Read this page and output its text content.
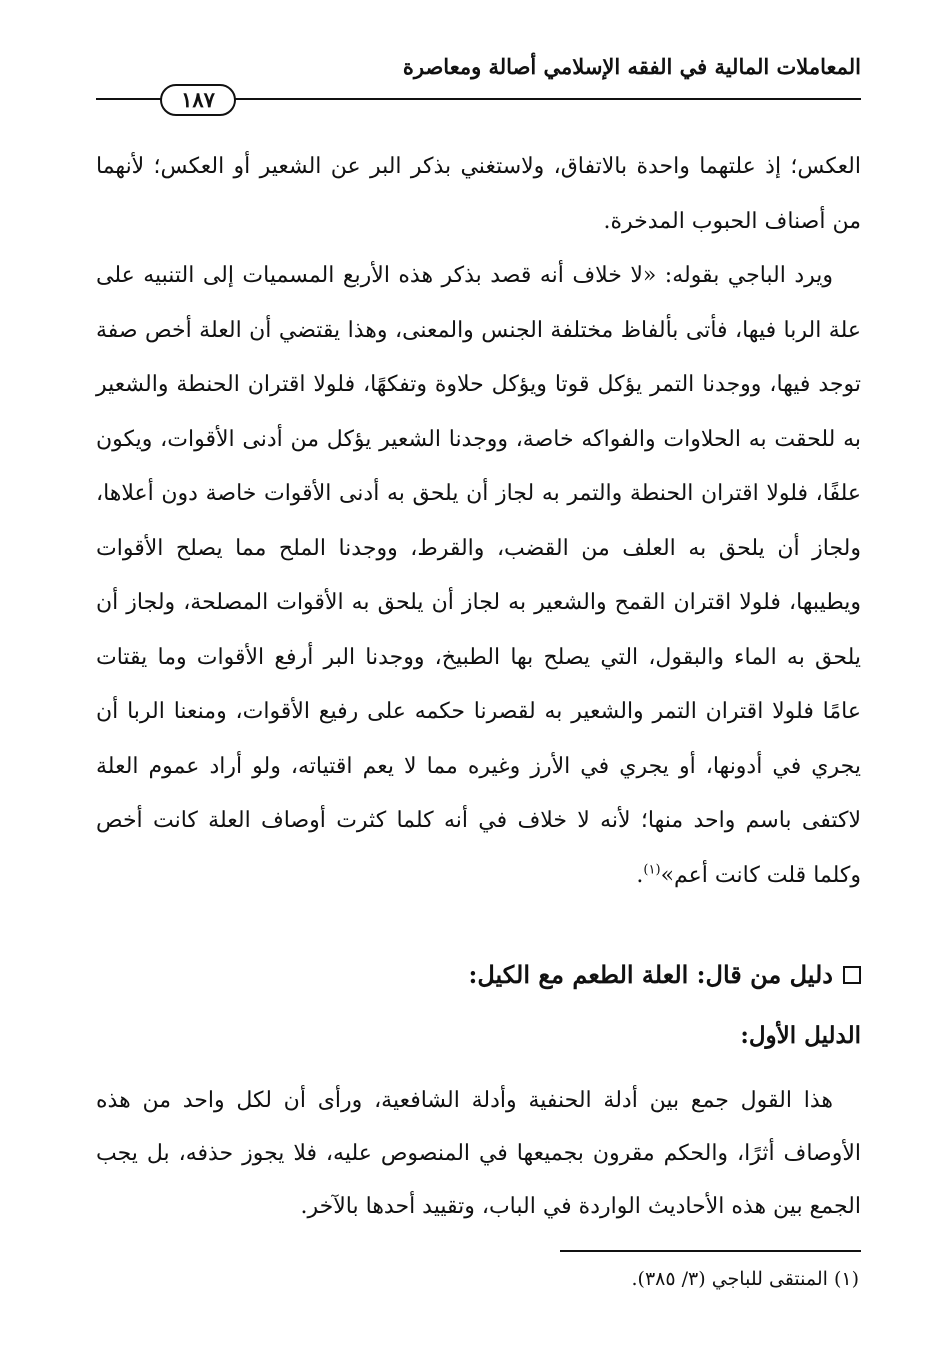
المعاملات المالية في الفقه الإسلامي أصالة ومعاصرة
١٨٧

العكس؛ إذ علتهما واحدة بالاتفاق، ولاستغني بذكر البر عن الشعير أو العكس؛ لأنهما من أصناف الحبوب المدخرة.

ويرد الباجي بقوله: «لا خلاف أنه قصد بذكر هذه الأربع المسميات إلى التنبيه على علة الربا فيها، فأتى بألفاظ مختلفة الجنس والمعنى، وهذا يقتضي أن العلة أخص صفة توجد فيها، ووجدنا التمر يؤكل قوتا ويؤكل حلاوة وتفكهًا، فلولا اقتران الحنطة والشعير به للحقت به الحلاوات والفواكه خاصة، ووجدنا الشعير يؤكل من أدنى الأقوات، ويكون علفًا، فلولا اقتران الحنطة والتمر به لجاز أن يلحق به أدنى الأقوات خاصة دون أعلاها، ولجاز أن يلحق به العلف من القضب، والقرط، ووجدنا الملح مما يصلح الأقوات ويطيبها، فلولا اقتران القمح والشعير به لجاز أن يلحق به الأقوات المصلحة، ولجاز أن يلحق به الماء والبقول، التي يصلح بها الطبيخ، ووجدنا البر أرفع الأقوات وما يقتات عامًا فلولا اقتران التمر والشعير به لقصرنا حكمه على رفيع الأقوات، ومنعنا الربا أن يجري في أدونها، أو يجري في الأرز وغيره مما لا يعم اقتياته، ولو أراد عموم العلة لاكتفى باسم واحد منها؛ لأنه لا خلاف في أنه كلما كثرت أوصاف العلة كانت أخص وكلما قلت كانت أعم»$^{(١)}$.

دليل من قال: العلة الطعم مع الكيل:
الدليل الأول:

هذا القول جمع بين أدلة الحنفية وأدلة الشافعية، ورأى أن لكل واحد من هذه الأوصاف أثرًا، والحكم مقرون بجميعها في المنصوص عليه، فلا يجوز حذفه، بل يجب الجمع بين هذه الأحاديث الواردة في الباب، وتقييد أحدها بالآخر.

(١) المنتقى للباجي (٣/ ٣٨٥).
